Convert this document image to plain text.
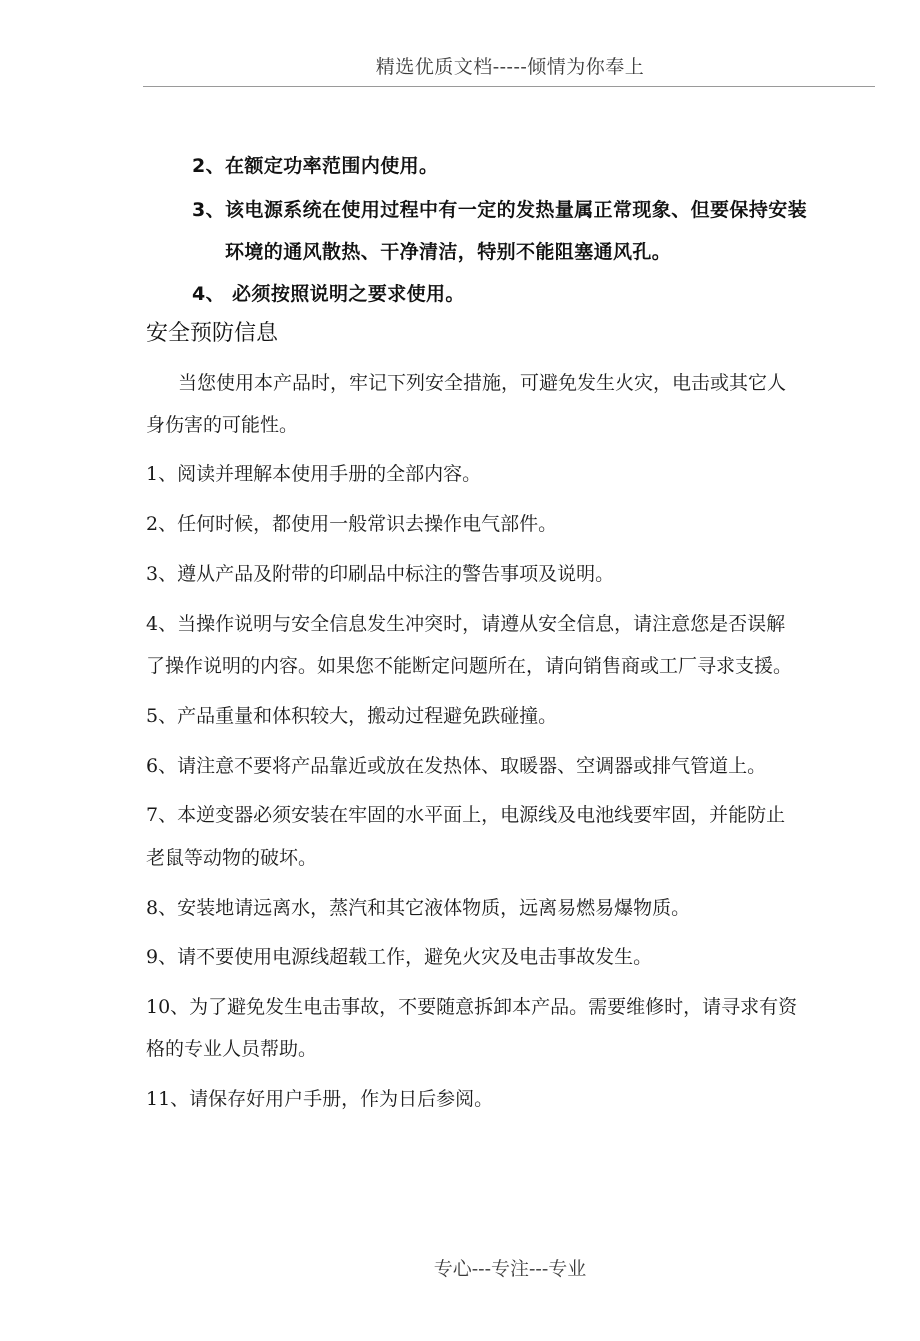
精选优质文档-----倾情为你奉上
2、在额定功率范围内使用。
3、该电源系统在使用过程中有一定的发热量属正常现象、但要保持安装
环境的通风散热、干净清洁，特别不能阻塞通风孔。
4、 必须按照说明之要求使用。
安全预防信息
当您使用本产品时，牢记下列安全措施，可避免发生火灾，电击或其它人
身伤害的可能性。
1、阅读并理解本使用手册的全部内容。
2、任何时候，都使用一般常识去操作电气部件。
3、遵从产品及附带的印刷品中标注的警告事项及说明。
4、当操作说明与安全信息发生冲突时，请遵从安全信息，请注意您是否误解
了操作说明的内容。如果您不能断定问题所在，请向销售商或工厂寻求支援。
5、产品重量和体积较大，搬动过程避免跌碰撞。
6、请注意不要将产品靠近或放在发热体、取暖器、空调器或排气管道上。
7、本逆变器必须安装在牢固的水平面上，电源线及电池线要牢固，并能防止
老鼠等动物的破坏。
8、安装地请远离水，蒸汽和其它液体物质，远离易燃易爆物质。
9、请不要使用电源线超载工作，避免火灾及电击事故发生。
10、为了避免发生电击事故，不要随意拆卸本产品。需要维修时，请寻求有资
格的专业人员帮助。
11、请保存好用户手册，作为日后参阅。
专心---专注---专业
